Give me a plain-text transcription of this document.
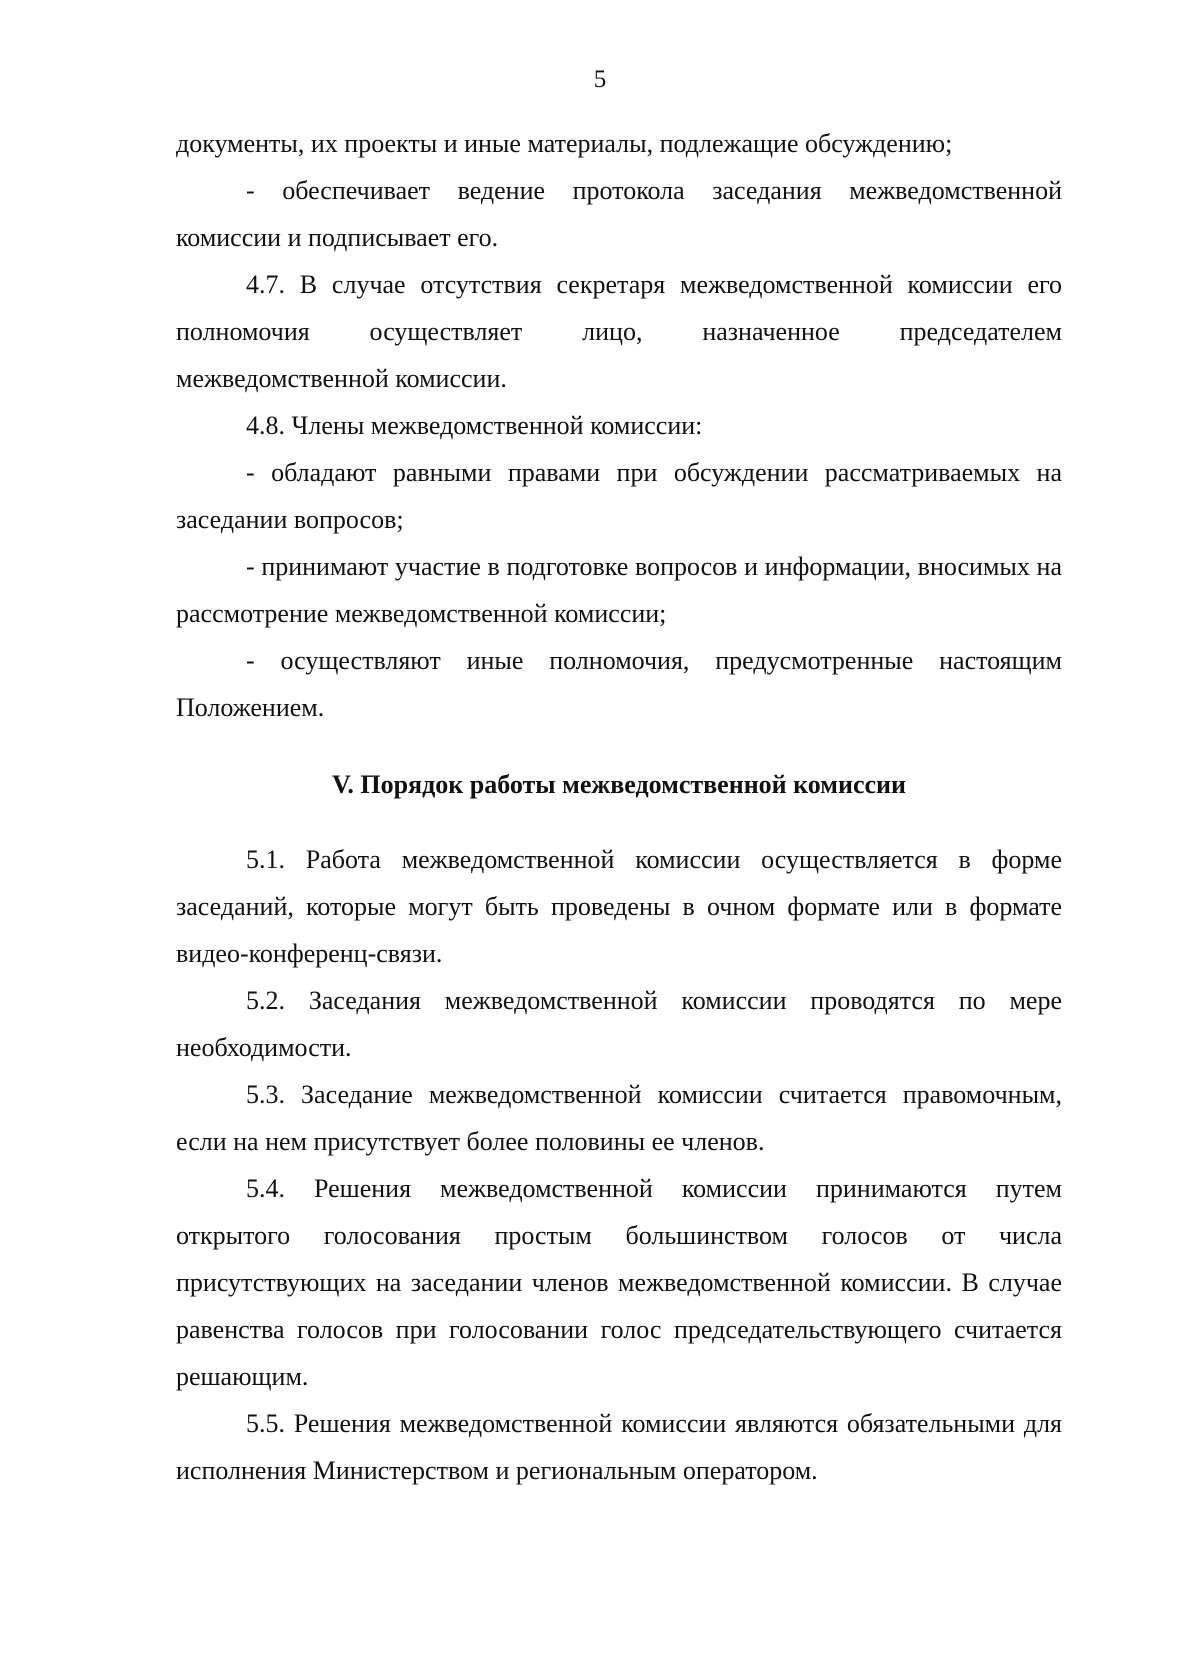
5

документы, их проекты и иные материалы, подлежащие обсуждению;

- обеспечивает ведение протокола заседания межведомственной комиссии и подписывает его.

4.7. В случае отсутствия секретаря межведомственной комиссии его полномочия осуществляет лицо, назначенное председателем межведомственной комиссии.

4.8. Члены межведомственной комиссии:

- обладают равными правами при обсуждении рассматриваемых на заседании вопросов;

- принимают участие в подготовке вопросов и информации, вносимых на рассмотрение межведомственной комиссии;

- осуществляют иные полномочия, предусмотренные настоящим Положением.

V. Порядок работы межведомственной комиссии

5.1. Работа межведомственной комиссии осуществляется в форме заседаний, которые могут быть проведены в очном формате или в формате видео-конференц-связи.

5.2. Заседания межведомственной комиссии проводятся по мере необходимости.

5.3. Заседание межведомственной комиссии считается правомочным, если на нем присутствует более половины ее членов.

5.4. Решения межведомственной комиссии принимаются путем открытого голосования простым большинством голосов от числа присутствующих на заседании членов межведомственной комиссии. В случае равенства голосов при голосовании голос председательствующего считается решающим.

5.5. Решения межведомственной комиссии являются обязательными для исполнения Министерством и региональным оператором.
